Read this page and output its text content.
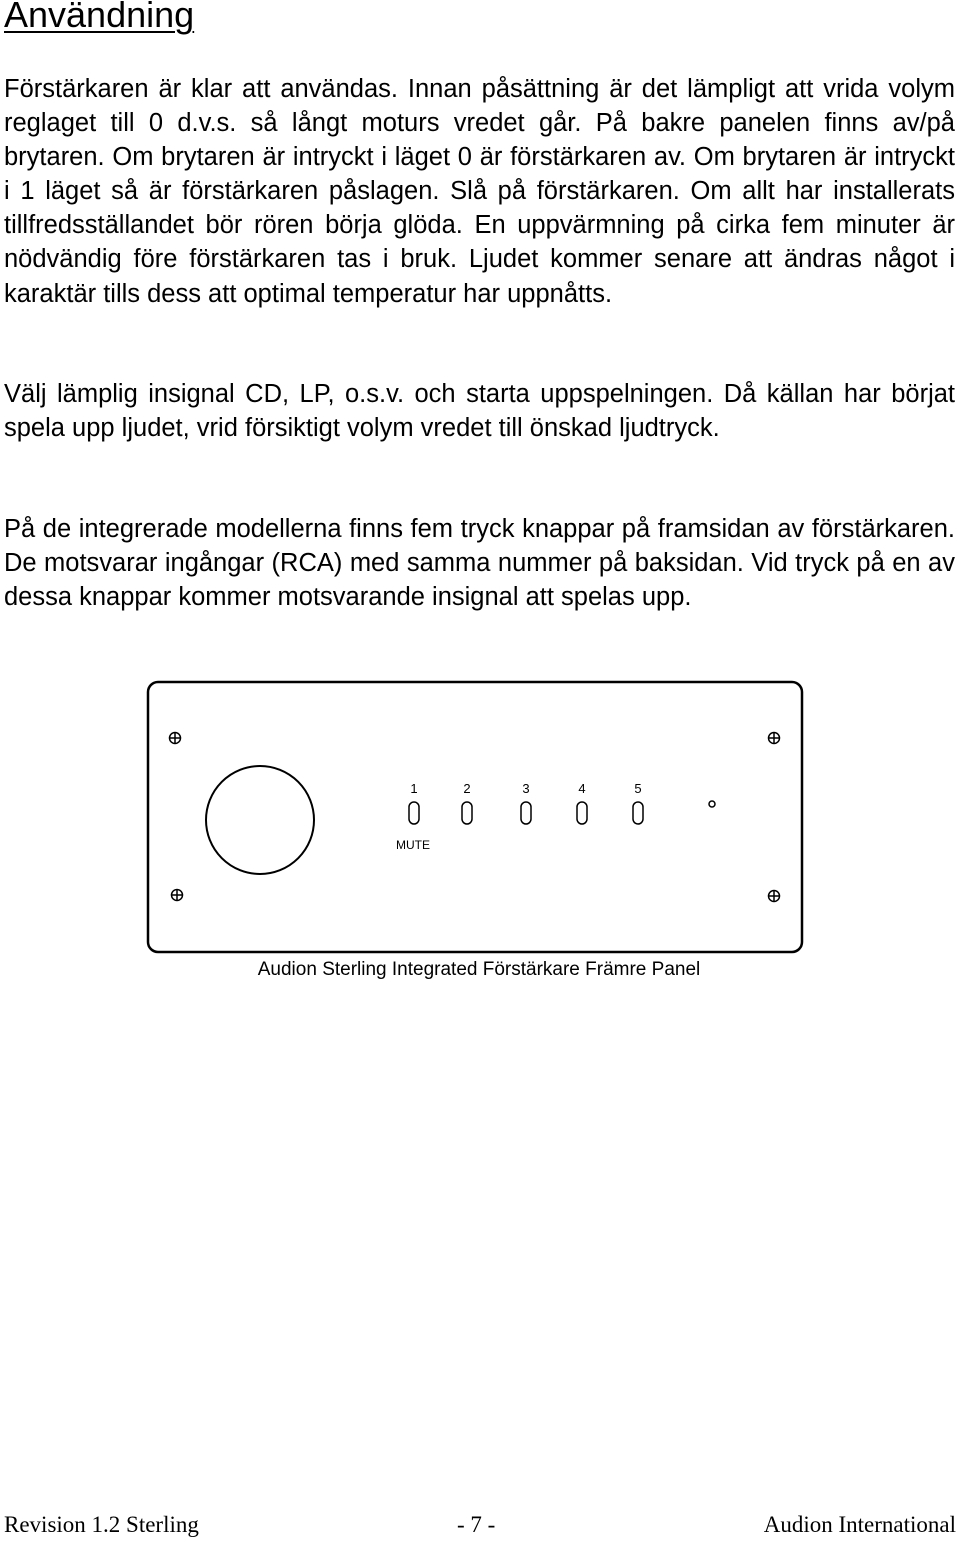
Användning

Förstärkaren är klar att användas. Innan påsättning är det lämpligt att vrida volym reglaget till 0 d.v.s. så långt moturs vredet går. På bakre panelen finns av/på brytaren. Om brytaren är intryckt i läget 0 är förstärkaren av. Om brytaren är intryckt i 1 läget så är förstärkaren påslagen. Slå på förstärkaren. Om allt har installerats tillfredsställandet bör rören börja glöda. En uppvärmning på cirka fem minuter är nödvändig före förstärkaren tas i bruk. Ljudet kommer senare att ändras något i karaktär tills dess att optimal temperatur har uppnåtts.

Välj lämplig insignal CD, LP, o.s.v. och starta uppspelningen. Då källan har börjat spela upp ljudet, vrid försiktigt volym vredet till önskad ljudtryck.

På de integrerade modellerna finns fem tryck knappar på framsidan av förstärkaren. De motsvarar ingångar (RCA) med samma nummer på baksidan. Vid tryck på en av dessa knappar kommer motsvarande insignal att spelas upp.

1	2	3	4	5
MUTE
Audion Sterling Integrated Förstärkare Främre Panel
Revision 1.2 Sterling	- 7 -	Audion International
